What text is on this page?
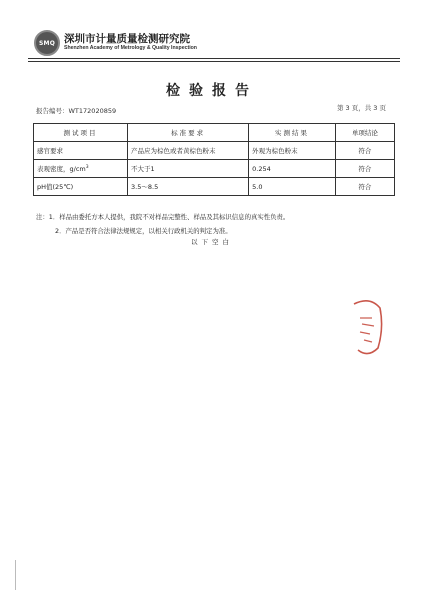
SMQ 深圳市计量质量检测研究院
Shenzhen Academy of Metrology & Quality Inspection
检验报告
报告编号：WT172020859	第 3 页，共 3 页
测试项目	标准要求	实测结果	单项结论
感官要求	产品应为棕色或者黄棕色粉末	外观为棕色粉末	符合
表观密度，$g/cm^3$	不大于1	0.254	符合
pH值(25℃)	3.5～8.5	5.0	符合
注：1．样品由委托方本人提供，我院不对样品完整性、样品及其标识信息的真实性负责。
2．产品是否符合法律法规规定，以相关行政机关的判定为准。
以下空白
